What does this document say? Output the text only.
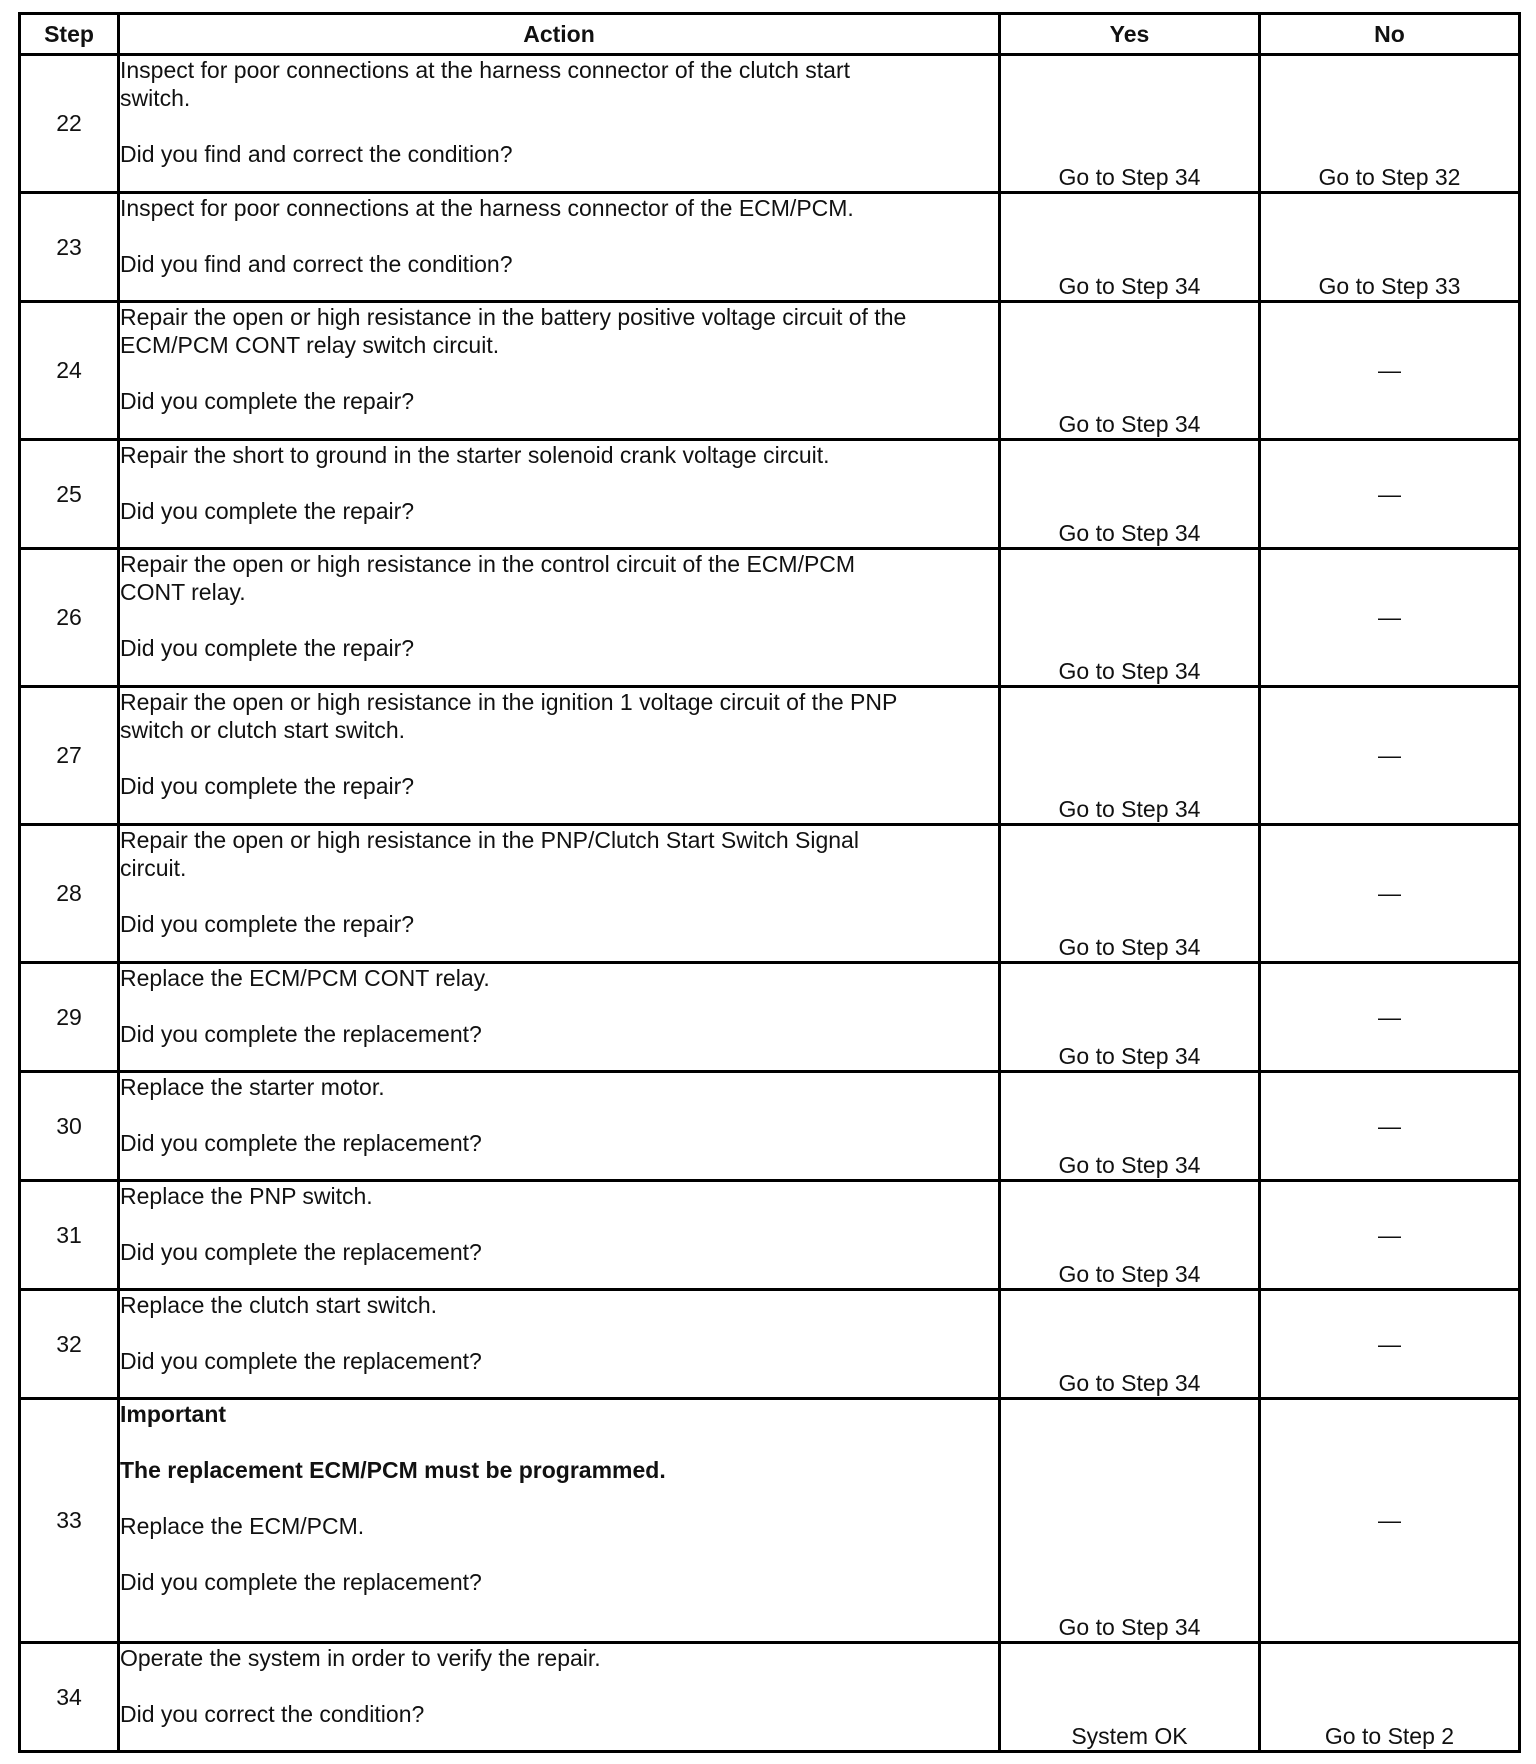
Step	Action	Yes	No
22	Inspect for poor connections at the harness connector of the clutch start
switch.
Did you find and correct the condition?	Go to Step 34	Go to Step 32
23	Inspect for poor connections at the harness connector of the ECM/PCM.
Did you find and correct the condition?	Go to Step 34	Go to Step 33
24	Repair the open or high resistance in the battery positive voltage circuit of the
ECM/PCM CONT relay switch circuit.
Did you complete the repair?	Go to Step 34	—
25	Repair the short to ground in the starter solenoid crank voltage circuit.
Did you complete the repair?	Go to Step 34	—
26	Repair the open or high resistance in the control circuit of the ECM/PCM
CONT relay.
Did you complete the repair?	Go to Step 34	—
27	Repair the open or high resistance in the ignition 1 voltage circuit of the PNP
switch or clutch start switch.
Did you complete the repair?	Go to Step 34	—
28	Repair the open or high resistance in the PNP/Clutch Start Switch Signal
circuit.
Did you complete the repair?	Go to Step 34	—
29	Replace the ECM/PCM CONT relay.
Did you complete the replacement?	Go to Step 34	—
30	Replace the starter motor.
Did you complete the replacement?	Go to Step 34	—
31	Replace the PNP switch.
Did you complete the replacement?	Go to Step 34	—
32	Replace the clutch start switch.
Did you complete the replacement?	Go to Step 34	—
33	Important
The replacement ECM/PCM must be programmed.
Replace the ECM/PCM.
Did you complete the replacement?	Go to Step 34	—
34	Operate the system in order to verify the repair.
Did you correct the condition?	System OK	Go to Step 2
